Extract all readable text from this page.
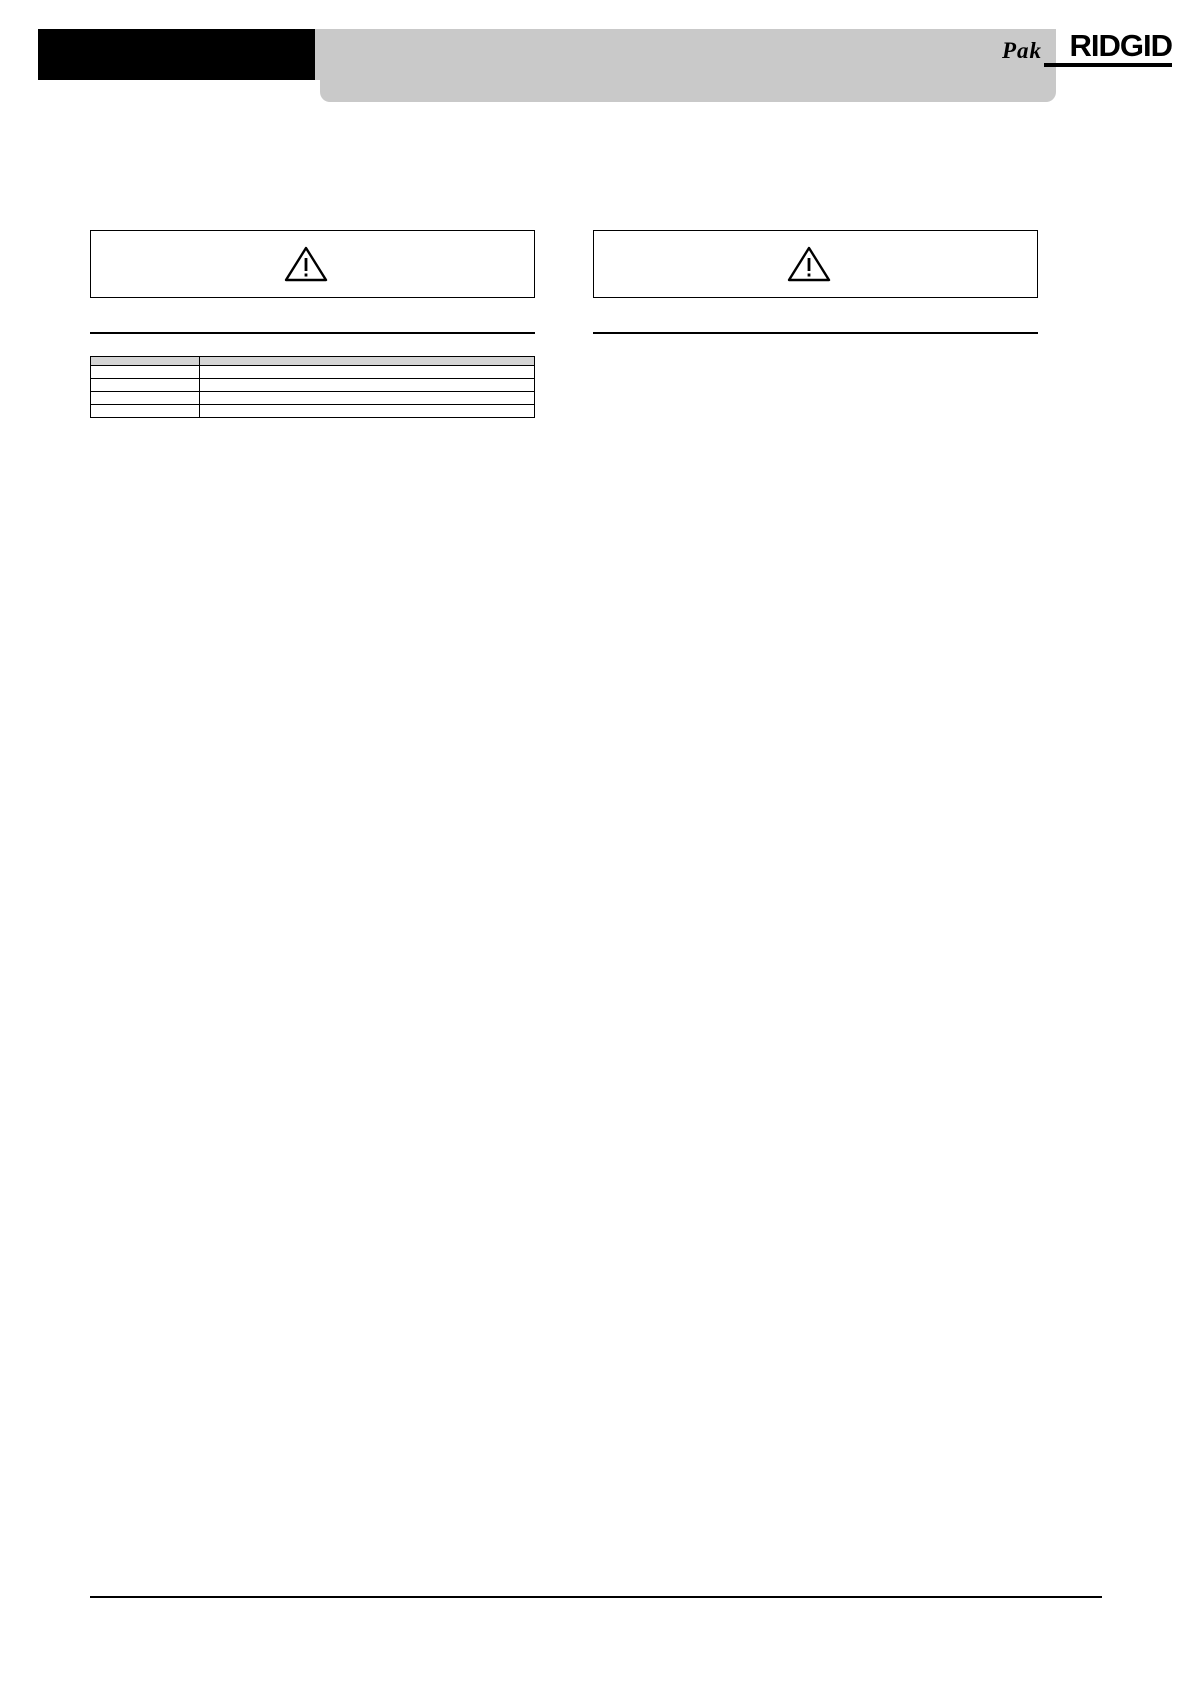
Pak RIDGID
